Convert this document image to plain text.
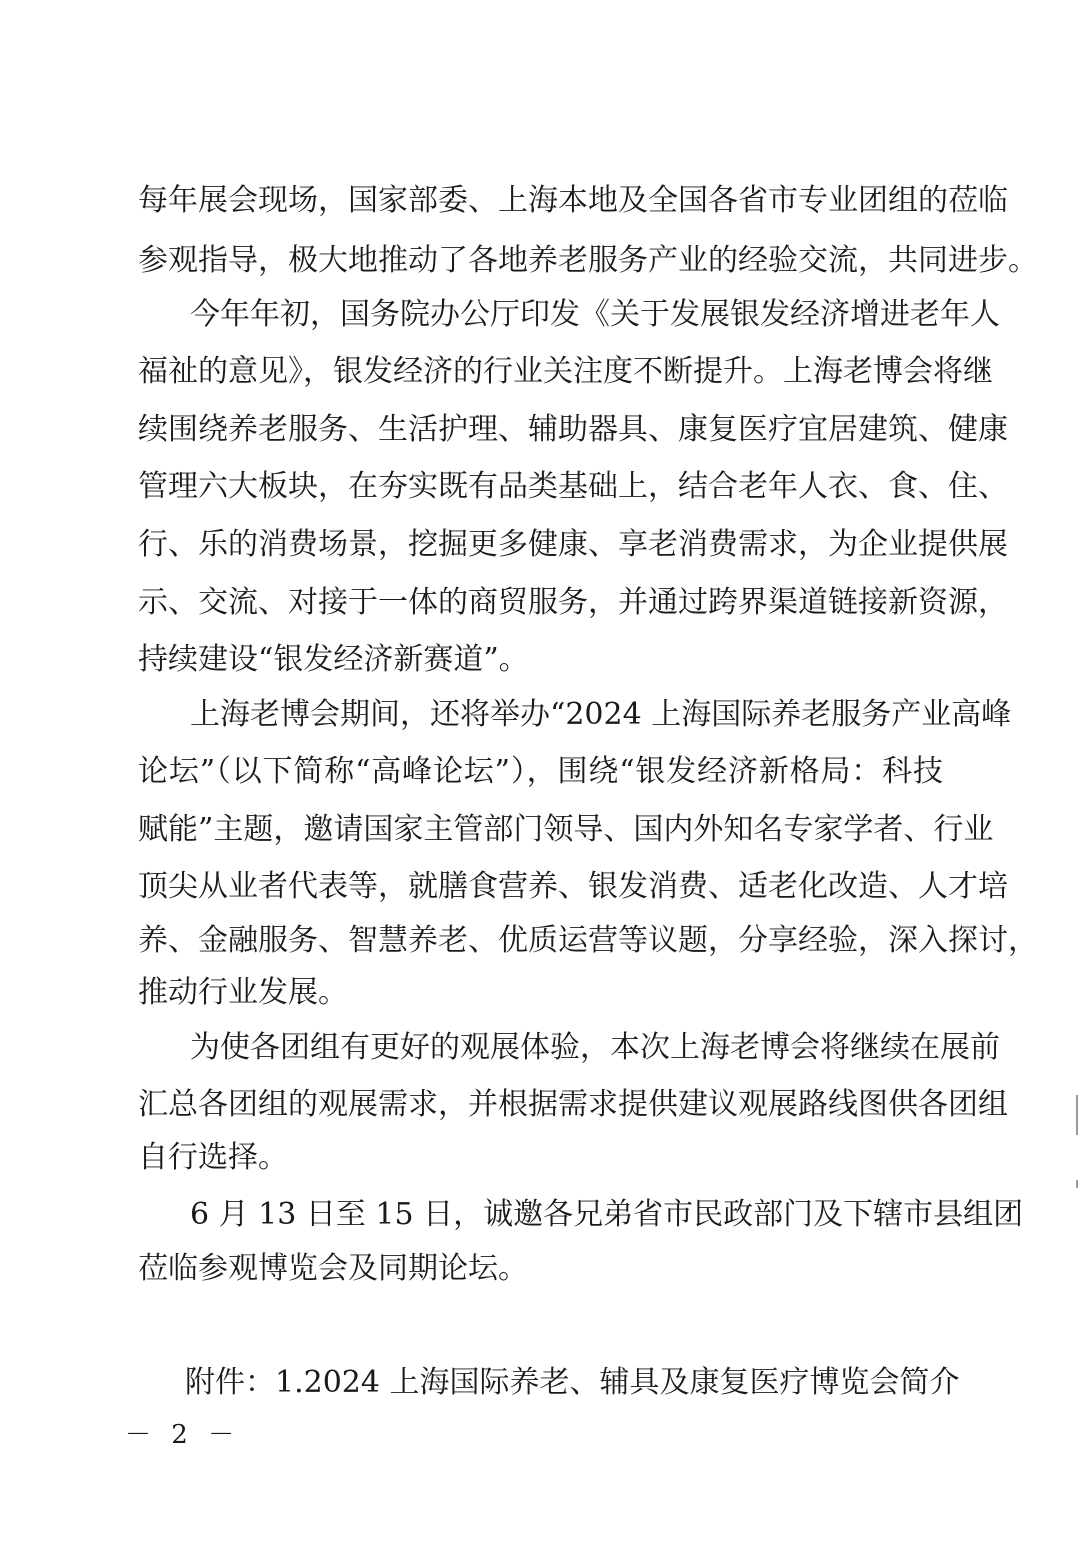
每年展会现场，国家部委、上海本地及全国各省市专业团组的莅临
参观指导，极大地推动了各地养老服务产业的经验交流，共同进步。
今年年初，国务院办公厅印发《关于发展银发经济增进老年人
福祉的意见》，银发经济的行业关注度不断提升。上海老博会将继
续围绕养老服务、生活护理、辅助器具、康复医疗宜居建筑、健康
管理六大板块，在夯实既有品类基础上，结合老年人衣、食、住、
行、乐的消费场景，挖掘更多健康、享老消费需求，为企业提供展
示、交流、对接于一体的商贸服务，并通过跨界渠道链接新资源，
持续建设“银发经济新赛道”。
上海老博会期间，还将举办“2024 上海国际养老服务产业高峰
论坛”（以下简称“高峰论坛”），围绕“银发经济新格局：科技
赋能”主题，邀请国家主管部门领导、国内外知名专家学者、行业
顶尖从业者代表等，就膳食营养、银发消费、适老化改造、人才培
养、金融服务、智慧养老、优质运营等议题，分享经验，深入探讨，
推动行业发展。
为使各团组有更好的观展体验，本次上海老博会将继续在展前
汇总各团组的观展需求，并根据需求提供建议观展路线图供各团组
自行选择。
6 月 13 日至 15 日，诚邀各兄弟省市民政部门及下辖市县组团
莅临参观博览会及同期论坛。
附件：1.2024 上海国际养老、辅具及康复医疗博览会简介
－ 2 －
